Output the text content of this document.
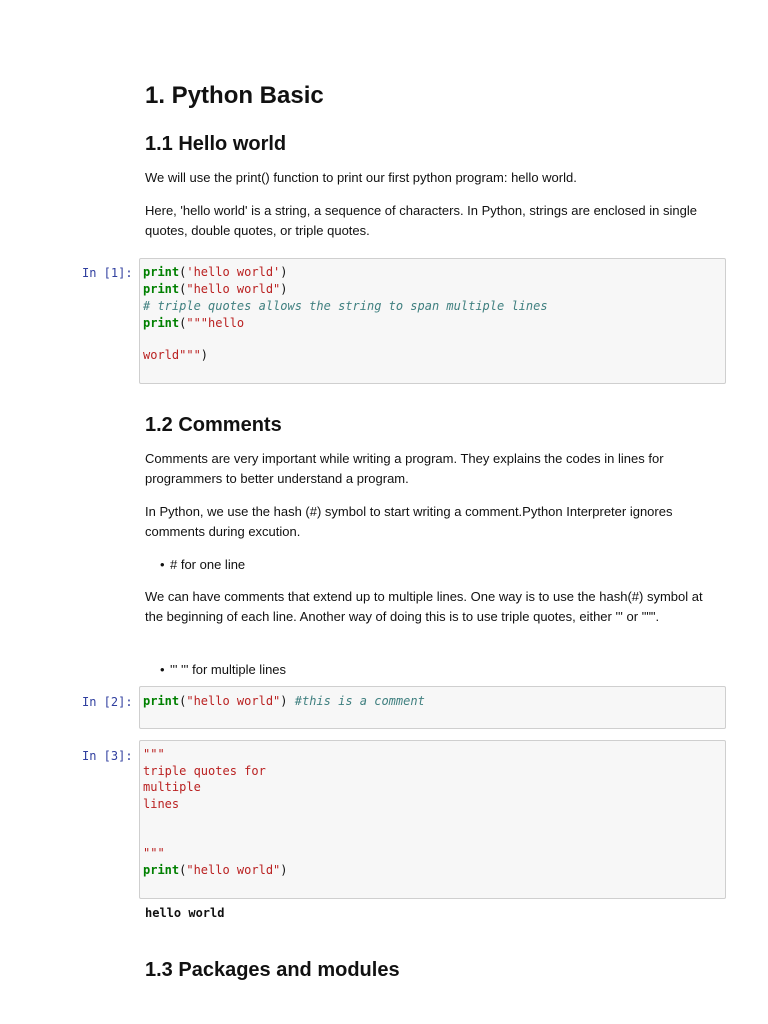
1. Python Basic
1.1 Hello world
We will use the print() function to print our first python program: hello world.
Here, 'hello world' is a string, a sequence of characters. In Python, strings are enclosed in single
quotes, double quotes, or triple quotes.
In [1]: print('hello world')
print("hello world")
# triple quotes allows the string to span multiple lines
print("""hello
world""")
1.2 Comments
Comments are very important while writing a program. They explains the codes in lines for
programmers to better understand a program.
In Python, we use the hash (#) symbol to start writing a comment.Python Interpreter ignores
comments during excution.
• # for one line
We can have comments that extend up to multiple lines. One way is to use the hash(#) symbol at
the beginning of each line. Another way of doing this is to use triple quotes, either ''' or """.
• ''' ''' for multiple lines
In [2]: print("hello world") #this is a comment
In [3]: """
triple quotes for
multiple
lines
"""
print("hello world")
hello world
1.3 Packages and modules
